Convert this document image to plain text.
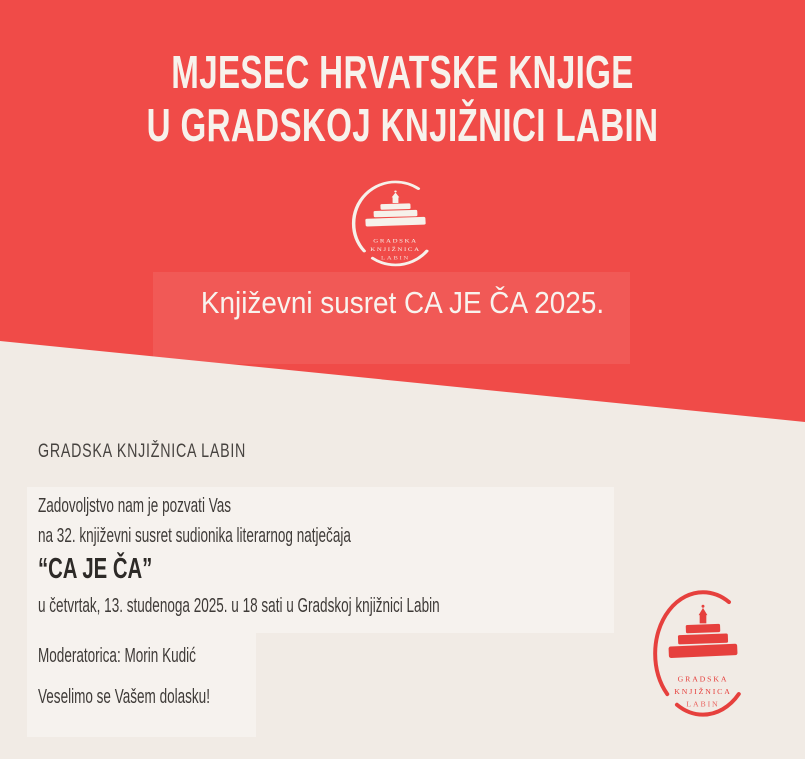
MJESEC HRVATSKE KNJIGE
U GRADSKOJ KNJIŽNICI LABIN
GRADSKA
KNJIŽNICA
LABIN
Književni susret CA JE ČA 2025.
GRADSKA KNJIŽNICA LABIN
Zadovoljstvo nam je pozvati Vas
na 32. književni susret sudionika literarnog natječaja
“CA JE ČA”
u četvrtak, 13. studenoga 2025. u 18 sati u Gradskoj knjižnici Labin
Moderatorica: Morin Kudić
Veselimo se Vašem dolasku!
GRADSKA
KNJIŽNICA
LABIN
